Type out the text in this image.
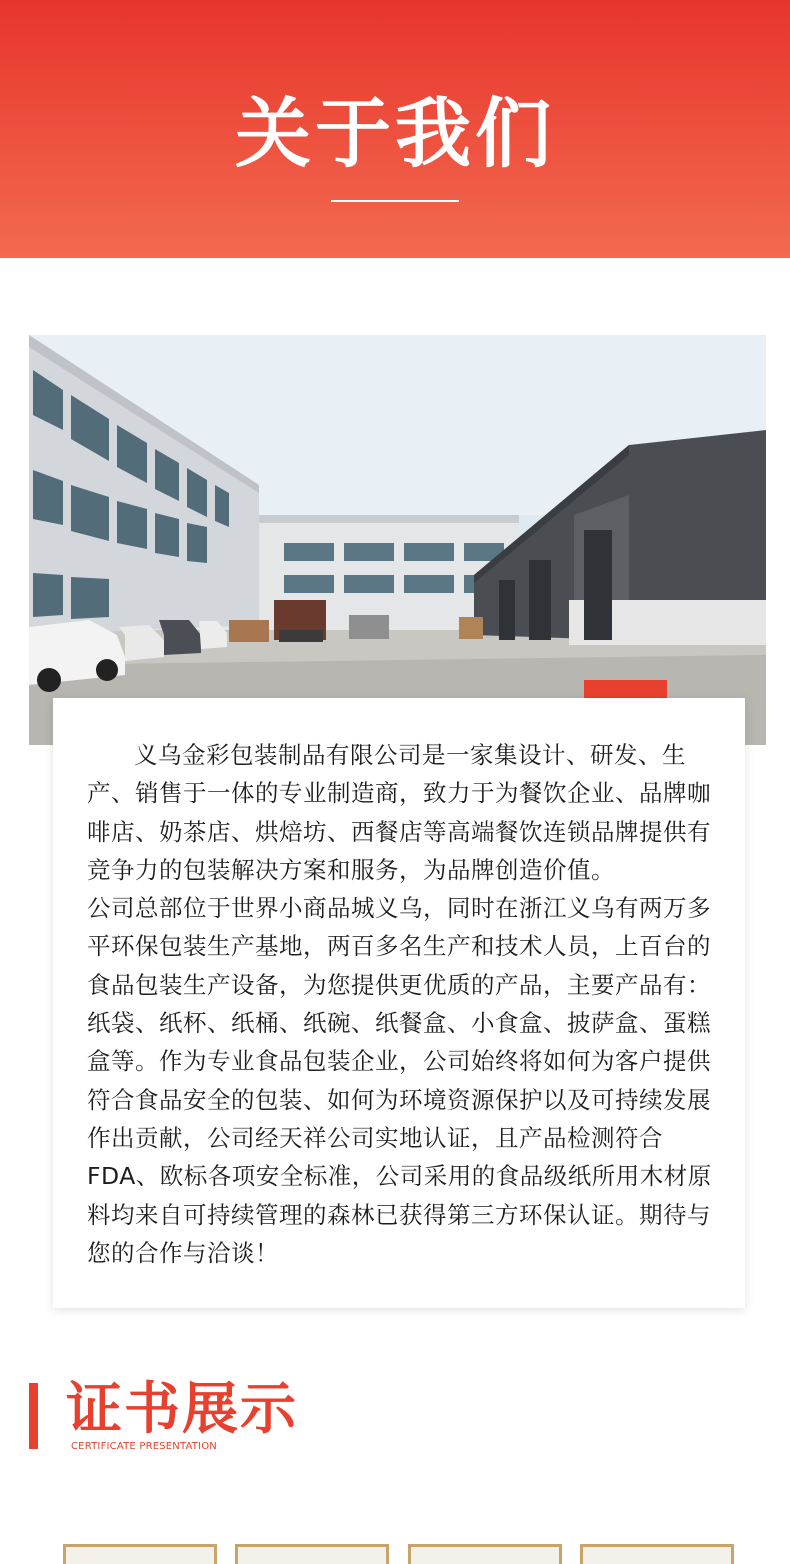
关于我们

义乌金彩包装制品有限公司是一家集设计、研发、生产、销售于一体的专业制造商，致力于为餐饮企业、品牌咖啡店、奶茶店、烘焙坊、西餐店等高端餐饮连锁品牌提供有竞争力的包装解决方案和服务，为品牌创造价值。
公司总部位于世界小商品城义乌，同时在浙江义乌有两万多平环保包装生产基地，两百多名生产和技术人员，上百台的食品包装生产设备，为您提供更优质的产品，主要产品有：纸袋、纸杯、纸桶、纸碗、纸餐盒、小食盒、披萨盒、蛋糕盒等。作为专业食品包装企业，公司始终将如何为客户提供符合食品安全的包装、如何为环境资源保护以及可持续发展作出贡献，公司经天祥公司实地认证，且产品检测符合FDA、欧标各项安全标准，公司采用的食品级纸所用木材原料均来自可持续管理的森林已获得第三方环保认证。期待与您的合作与洽谈！

证书展示
CERTIFICATE PRESENTATION
